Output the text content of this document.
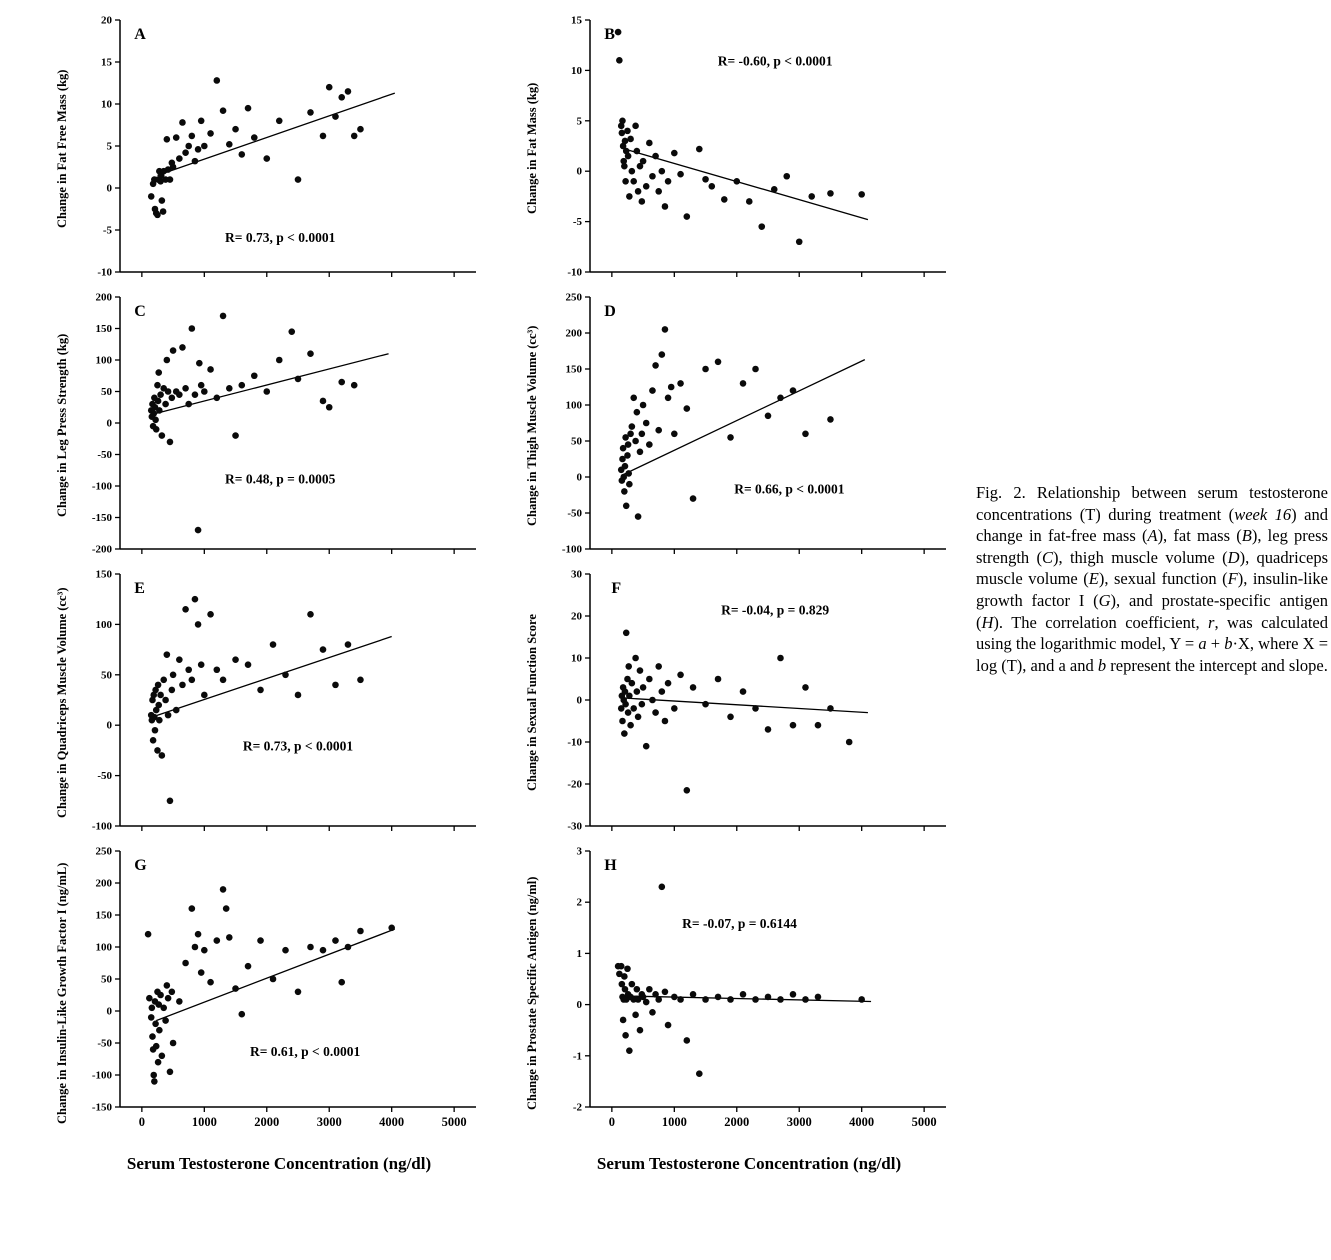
Change in Fat Free Mass (kg)
20
15
10
5
0
-5
-10
A
R= 0.73, p < 0.0001
Change in Leg Press Strength (kg)
200
150
100
50
0
-50
-100
-150
-200
C
R= 0.48, p = 0.0005
Change in Quadriceps Muscle Volume (cc³)
150
100
50
0
-50
-100
E
R= 0.73, p < 0.0001
Change in Insulin-Like Growth Factor I (ng/mL)
250
200
150
100
50
0
-50
-100
-150
0	1000	2000	3000	4000	5000
G
R= 0.61, p < 0.0001
Serum Testosterone Concentration (ng/dl)
Change in Fat Mass (kg)
15
10
5
0
-5
-10
B
R= -0.60, p < 0.0001
Change in Thigh Muscle Volume (cc³)
250
200
150
100
50
0
-50
-100
D
R= 0.66, p < 0.0001
Change in Sexual Function Score
30
20
10
0
-10
-20
-30
F
R= -0.04, p = 0.829
Change in Prostate Specific Antigen (ng/ml)
3
2
1
0
-1
-2
0	1000	2000	3000	4000	5000
H
R= -0.07, p = 0.6144
Serum Testosterone Concentration (ng/dl)
Fig. 2. Relationship between serum testosterone concentrations (T) during treatment (week 16) and change in fat-free mass (A), fat mass (B), leg press strength (C), thigh muscle volume (D), quadriceps muscle volume (E), sexual function (F), insulin-like growth factor I (G), and prostate-specific antigen (H). The correlation coefficient, r, was calculated using the logarithmic model, Y = a + b·X, where X = log (T), and a and b represent the intercept and slope.
